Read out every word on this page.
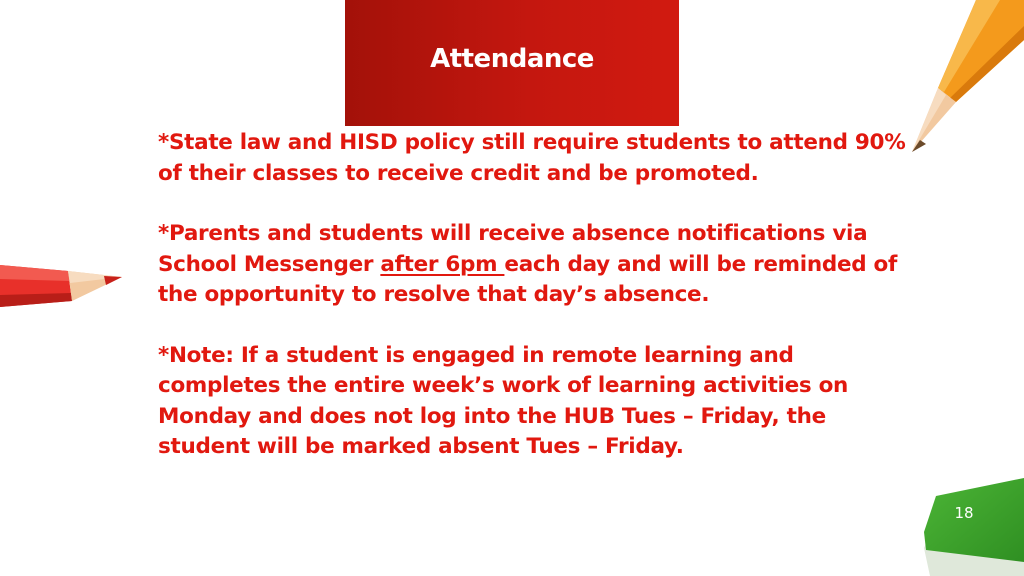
Attendance

*State law and HISD policy still require students to attend 90% of their classes to receive credit and be promoted.

*Parents and students will receive absence notifications via School Messenger after 6pm each day and will be reminded of the opportunity to resolve that day’s absence.

*Note: If a student is engaged in remote learning and completes the entire week’s work of learning activities on Monday and does not log into the HUB Tues – Friday, the student will be marked absent Tues – Friday.

18
